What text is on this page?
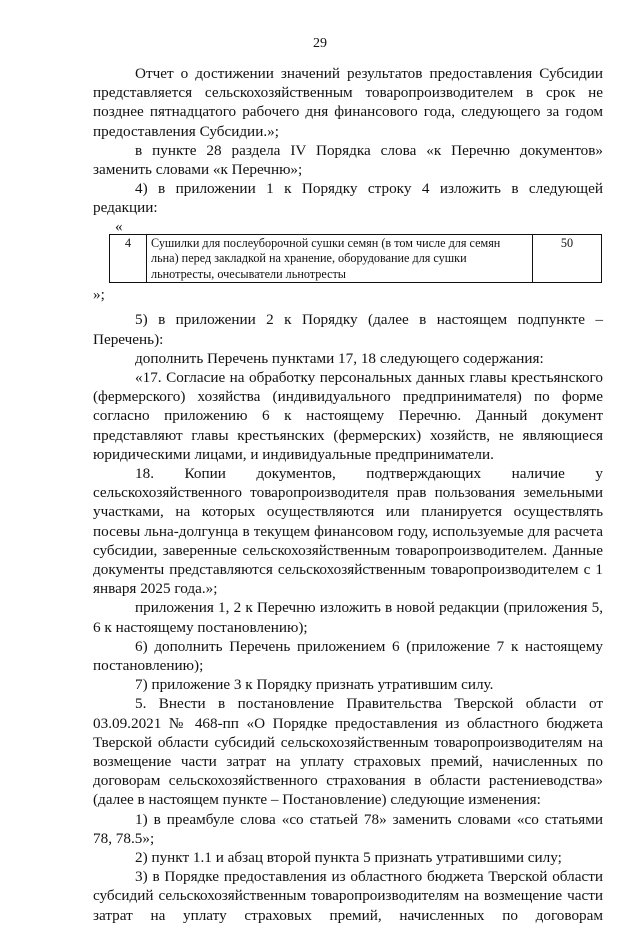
29

Отчет о достижении значений результатов предоставления Субсидии представляется сельскохозяйственным товаропроизводителем в срок не позднее пятнадцатого рабочего дня финансового года, следующего за годом предоставления Субсидии.»;

в пункте 28 раздела IV Порядка слова «к Перечню документов» заменить словами «к Перечню»;

4) в приложении 1 к Порядку строку 4 изложить в следующей редакции:

«

4	Сушилки для послеуборочной сушки семян (в том числе для семян льна) перед закладкой на хранение, оборудование для сушки льнотресты, очесыватели льнотресты	50

»;

5) в приложении 2 к Порядку (далее в настоящем подпункте – Перечень):

дополнить Перечень пунктами 17, 18 следующего содержания:

«17. Согласие на обработку персональных данных главы крестьянского (фермерского) хозяйства (индивидуального предпринимателя) по форме согласно приложению 6 к настоящему Перечню. Данный документ представляют главы крестьянских (фермерских) хозяйств, не являющиеся юридическими лицами, и индивидуальные предприниматели.

18. Копии документов, подтверждающих наличие у сельскохозяйственного товаропроизводителя прав пользования земельными участками, на которых осуществляются или планируется осуществлять посевы льна-долгунца в текущем финансовом году, используемые для расчета субсидии, заверенные сельскохозяйственным товаропроизводителем. Данные документы представляются сельскохозяйственным товаропроизводителем с 1 января 2025 года.»;

приложения 1, 2 к Перечню изложить в новой редакции (приложения 5, 6 к настоящему постановлению);

6) дополнить Перечень приложением 6 (приложение 7 к настоящему постановлению);

7) приложение 3 к Порядку признать утратившим силу.

5. Внести в постановление Правительства Тверской области от 03.09.2021 № 468-пп «О Порядке предоставления из областного бюджета Тверской области субсидий сельскохозяйственным товаропроизводителям на возмещение части затрат на уплату страховых премий, начисленных по договорам сельскохозяйственного страхования в области растениеводства» (далее в настоящем пункте – Постановление) следующие изменения:

1) в преамбуле слова «со статьей 78» заменить словами «со статьями 78, 78.5»;

2) пункт 1.1 и абзац второй пункта 5 признать утратившими силу;

3) в Порядке предоставления из областного бюджета Тверской области субсидий сельскохозяйственным товаропроизводителям на возмещение части затрат на уплату страховых премий, начисленных по договорам
